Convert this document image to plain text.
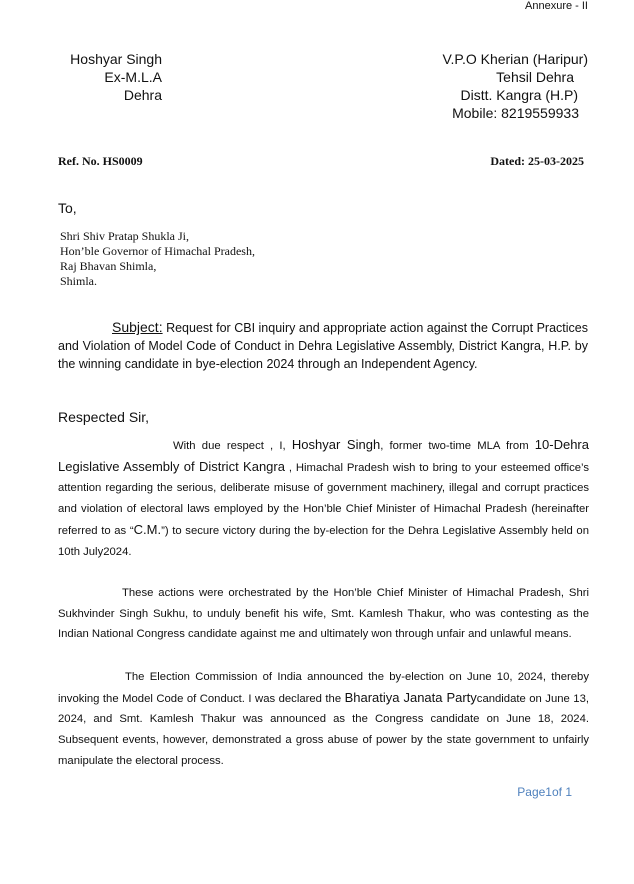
Annexure - II
Hoshyar Singh
Ex-M.L.A
Dehra
V.P.O Kherian (Haripur)
Tehsil Dehra
Distt. Kangra (H.P)
Mobile: 8219559933
Ref. No. HS0009	Dated: 25-03-2025
To,
Shri Shiv Pratap Shukla Ji,
Hon’ble Governor of Himachal Pradesh,
Raj Bhavan Shimla,
Shimla.
Subject: Request for CBI inquiry and appropriate action against the Corrupt Practices and Violation of Model Code of Conduct in Dehra Legislative Assembly, District Kangra, H.P. by the winning candidate in bye-election 2024 through an Independent Agency.
Respected Sir,
With due respect , I, Hoshyar Singh, former two-time MLA from 10-Dehra Legislative Assembly of District Kangra , Himachal Pradesh wish to bring to your esteemed office’s attention regarding the serious, deliberate misuse of government machinery, illegal and corrupt practices and violation of electoral laws employed by the Hon’ble Chief Minister of Himachal Pradesh (hereinafter referred to as “C.M.”) to secure victory during the by-election for the Dehra Legislative Assembly held on 10th July2024.
These actions were orchestrated by the Hon’ble Chief Minister of Himachal Pradesh, Shri Sukhvinder Singh Sukhu, to unduly benefit his wife, Smt. Kamlesh Thakur, who was contesting as the Indian National Congress candidate against me and ultimately won through unfair and unlawful means.
The Election Commission of India announced the by-election on June 10, 2024, thereby invoking the Model Code of Conduct. I was declared the Bharatiya Janata Partycandidate on June 13, 2024, and Smt. Kamlesh Thakur was announced as the Congress candidate on June 18, 2024. Subsequent events, however, demonstrated a gross abuse of power by the state government to unfairly manipulate the electoral process.
Page1of 1
